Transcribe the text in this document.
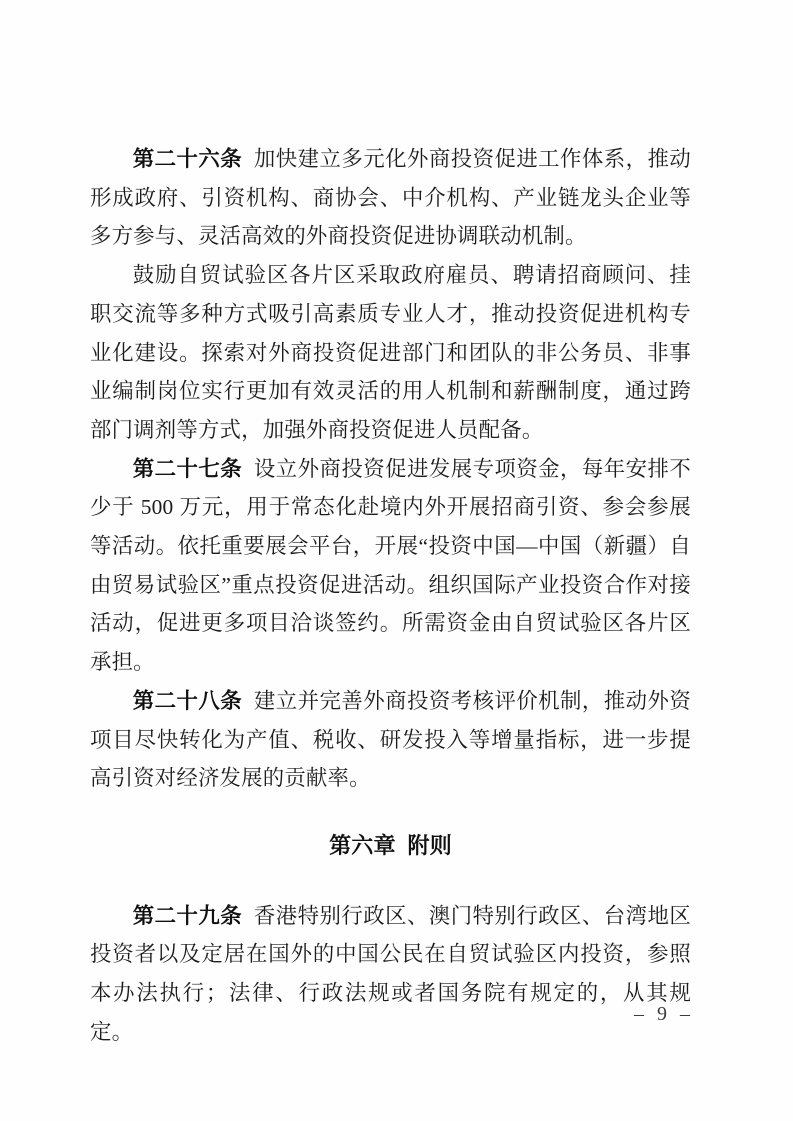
第二十六条 加快建立多元化外商投资促进工作体系，推动形成政府、引资机构、商协会、中介机构、产业链龙头企业等多方参与、灵活高效的外商投资促进协调联动机制。

鼓励自贸试验区各片区采取政府雇员、聘请招商顾问、挂职交流等多种方式吸引高素质专业人才，推动投资促进机构专业化建设。探索对外商投资促进部门和团队的非公务员、非事业编制岗位实行更加有效灵活的用人机制和薪酬制度，通过跨部门调剂等方式，加强外商投资促进人员配备。

第二十七条 设立外商投资促进发展专项资金，每年安排不少于 500 万元，用于常态化赴境内外开展招商引资、参会参展等活动。依托重要展会平台，开展“投资中国—中国（新疆）自由贸易试验区”重点投资促进活动。组织国际产业投资合作对接活动，促进更多项目洽谈签约。所需资金由自贸试验区各片区承担。

第二十八条 建立并完善外商投资考核评价机制，推动外资项目尽快转化为产值、税收、研发投入等增量指标，进一步提高引资对经济发展的贡献率。

第六章 附则

第二十九条 香港特别行政区、澳门特别行政区、台湾地区投资者以及定居在国外的中国公民在自贸试验区内投资，参照本办法执行；法律、行政法规或者国务院有规定的，从其规定。

– 9 –
